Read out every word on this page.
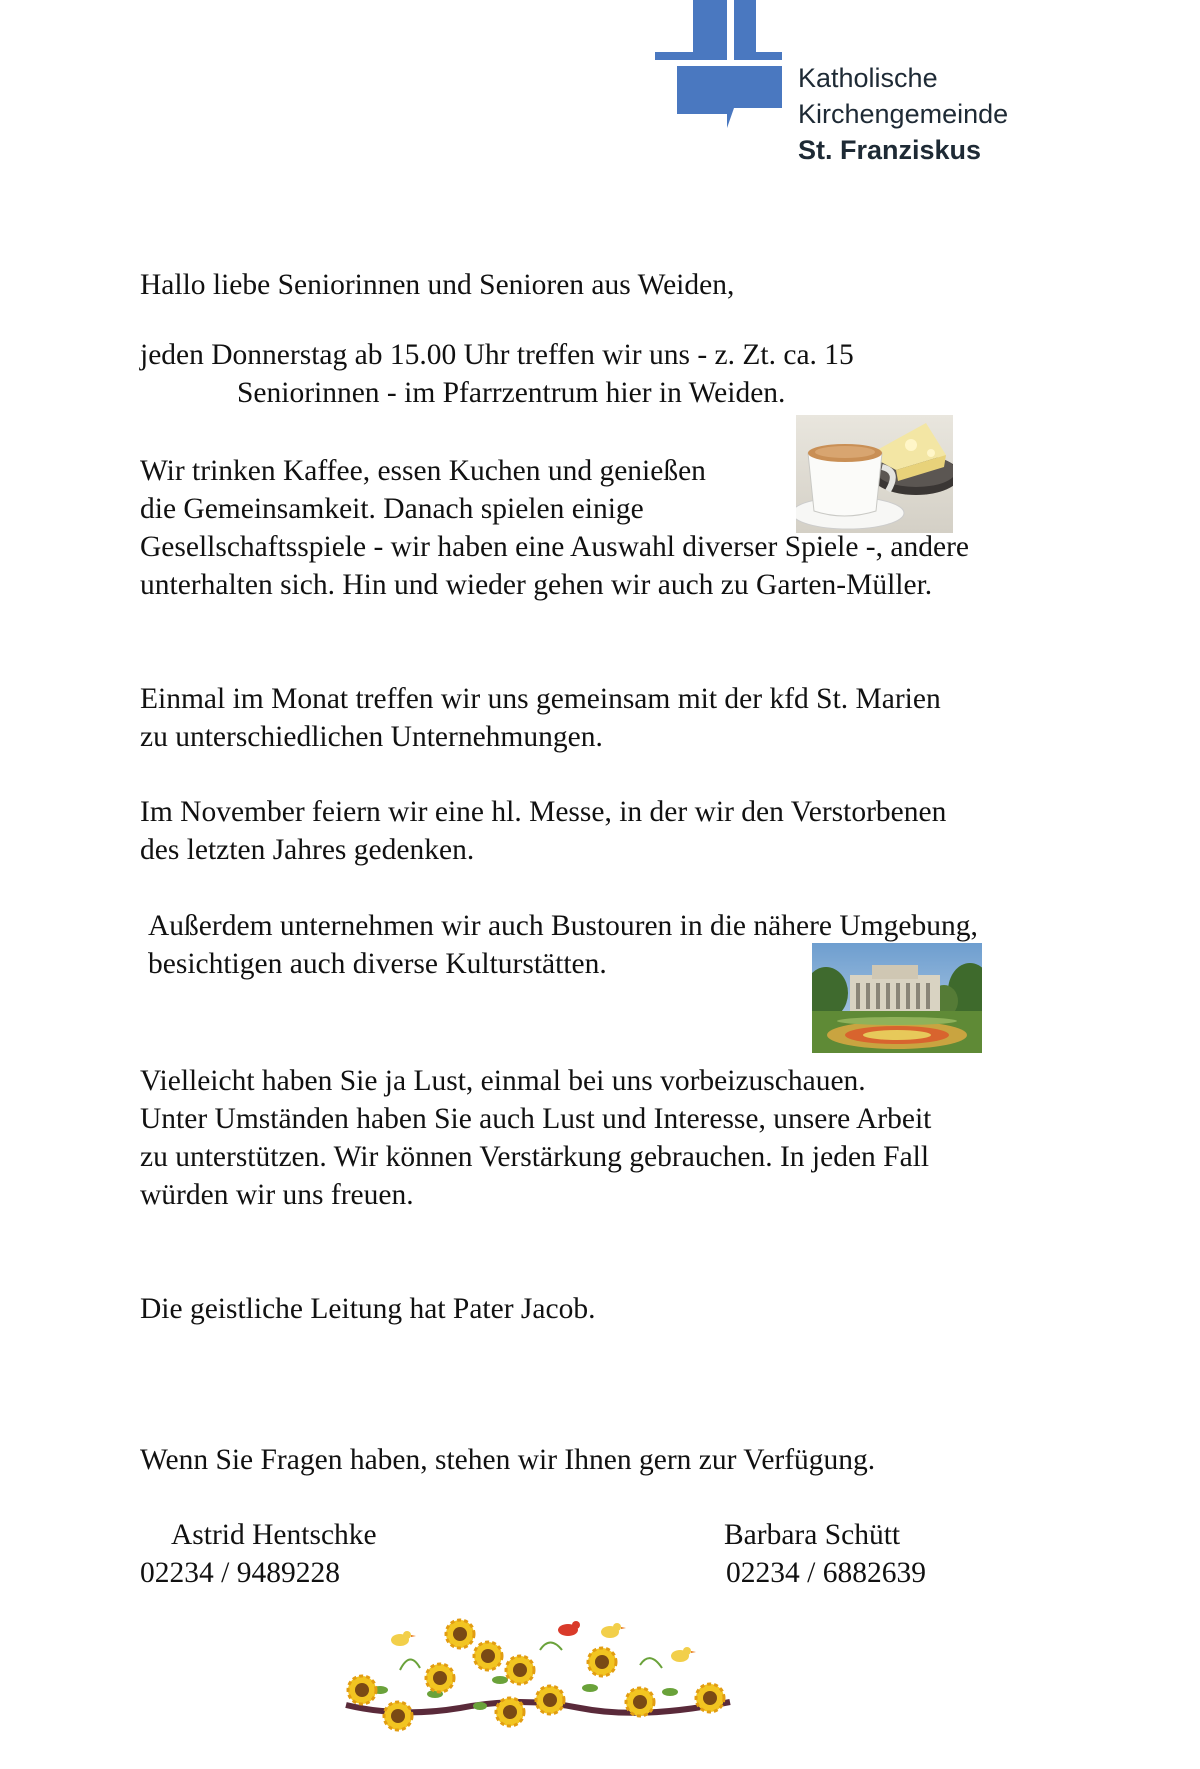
Katholische
Kirchengemeinde
St. Franziskus
Hallo liebe Seniorinnen und Senioren aus Weiden,
jeden Donnerstag ab 15.00 Uhr treffen wir uns - z. Zt. ca. 15
Seniorinnen - im Pfarrzentrum hier in Weiden.
Wir trinken Kaffee, essen Kuchen und genießen
die Gemeinsamkeit. Danach spielen einige
Gesellschaftsspiele - wir haben eine Auswahl diverser Spiele -, andere
unterhalten sich. Hin und wieder gehen wir auch zu Garten-Müller.
Einmal im Monat treffen wir uns gemeinsam mit der kfd St. Marien
zu unterschiedlichen Unternehmungen.
Im November feiern wir eine hl. Messe, in der wir den Verstorbenen
des letzten Jahres gedenken.
Außerdem unternehmen wir auch Bustouren in die nähere Umgebung,
besichtigen auch diverse Kulturstätten.
Vielleicht haben Sie ja Lust, einmal bei uns vorbeizuschauen.
Unter Umständen haben Sie auch Lust und Interesse, unsere Arbeit
zu unterstützen. Wir können Verstärkung gebrauchen. In jeden Fall
würden wir uns freuen.
Die geistliche Leitung hat Pater Jacob.
Wenn Sie Fragen haben, stehen wir Ihnen gern zur Verfügung.
Astrid Hentschke
02234 / 9489228
Barbara Schütt
02234 / 6882639
